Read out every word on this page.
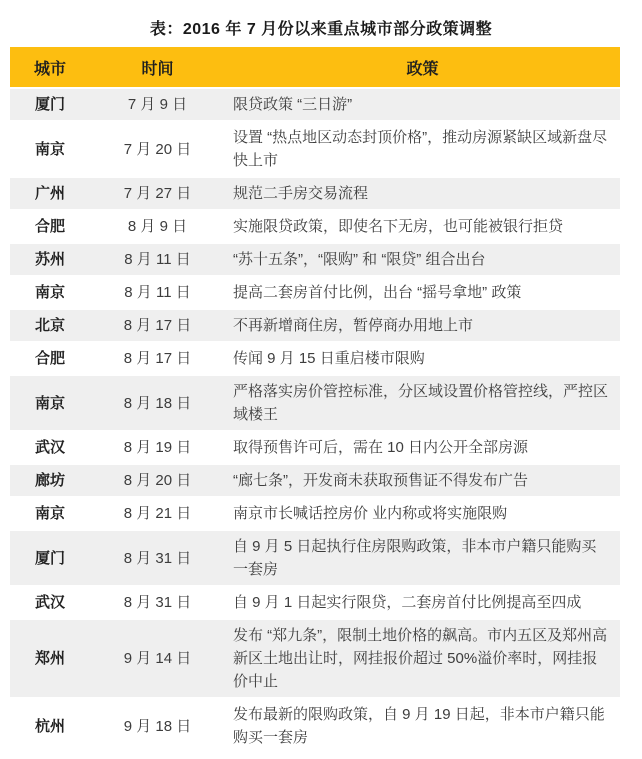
表：2016 年 7 月份以来重点城市部分政策调整
城市	时间	政策
厦门	7 月 9 日	限贷政策 “三日游”
南京	7 月 20 日	设置 “热点地区动态封顶价格”，推动房源紧缺区域新盘尽快上市
广州	7 月 27 日	规范二手房交易流程
合肥	8 月 9 日	实施限贷政策，即使名下无房，也可能被银行拒贷
苏州	8 月 11 日	“苏十五条”，“限购” 和 “限贷” 组合出台
南京	8 月 11 日	提高二套房首付比例，出台 “摇号拿地” 政策
北京	8 月 17 日	不再新增商住房，暂停商办用地上市
合肥	8 月 17 日	传闻 9 月 15 日重启楼市限购
南京	8 月 18 日	严格落实房价管控标准，分区域设置价格管控线，严控区域楼王
武汉	8 月 19 日	取得预售许可后，需在 10 日内公开全部房源
廊坊	8 月 20 日	“廊七条”，开发商未获取预售证不得发布广告
南京	8 月 21 日	南京市长喊话控房价 业内称或将实施限购
厦门	8 月 31 日	自 9 月 5 日起执行住房限购政策，非本市户籍只能购买一套房
武汉	8 月 31 日	自 9 月 1 日起实行限贷，二套房首付比例提高至四成
郑州	9 月 14 日	发布 “郑九条”，限制土地价格的飙高。市内五区及郑州高新区土地出让时，网挂报价超过 50%溢价率时，网挂报价中止
杭州	9 月 18 日	发布最新的限购政策，自 9 月 19 日起，非本市户籍只能购买一套房
